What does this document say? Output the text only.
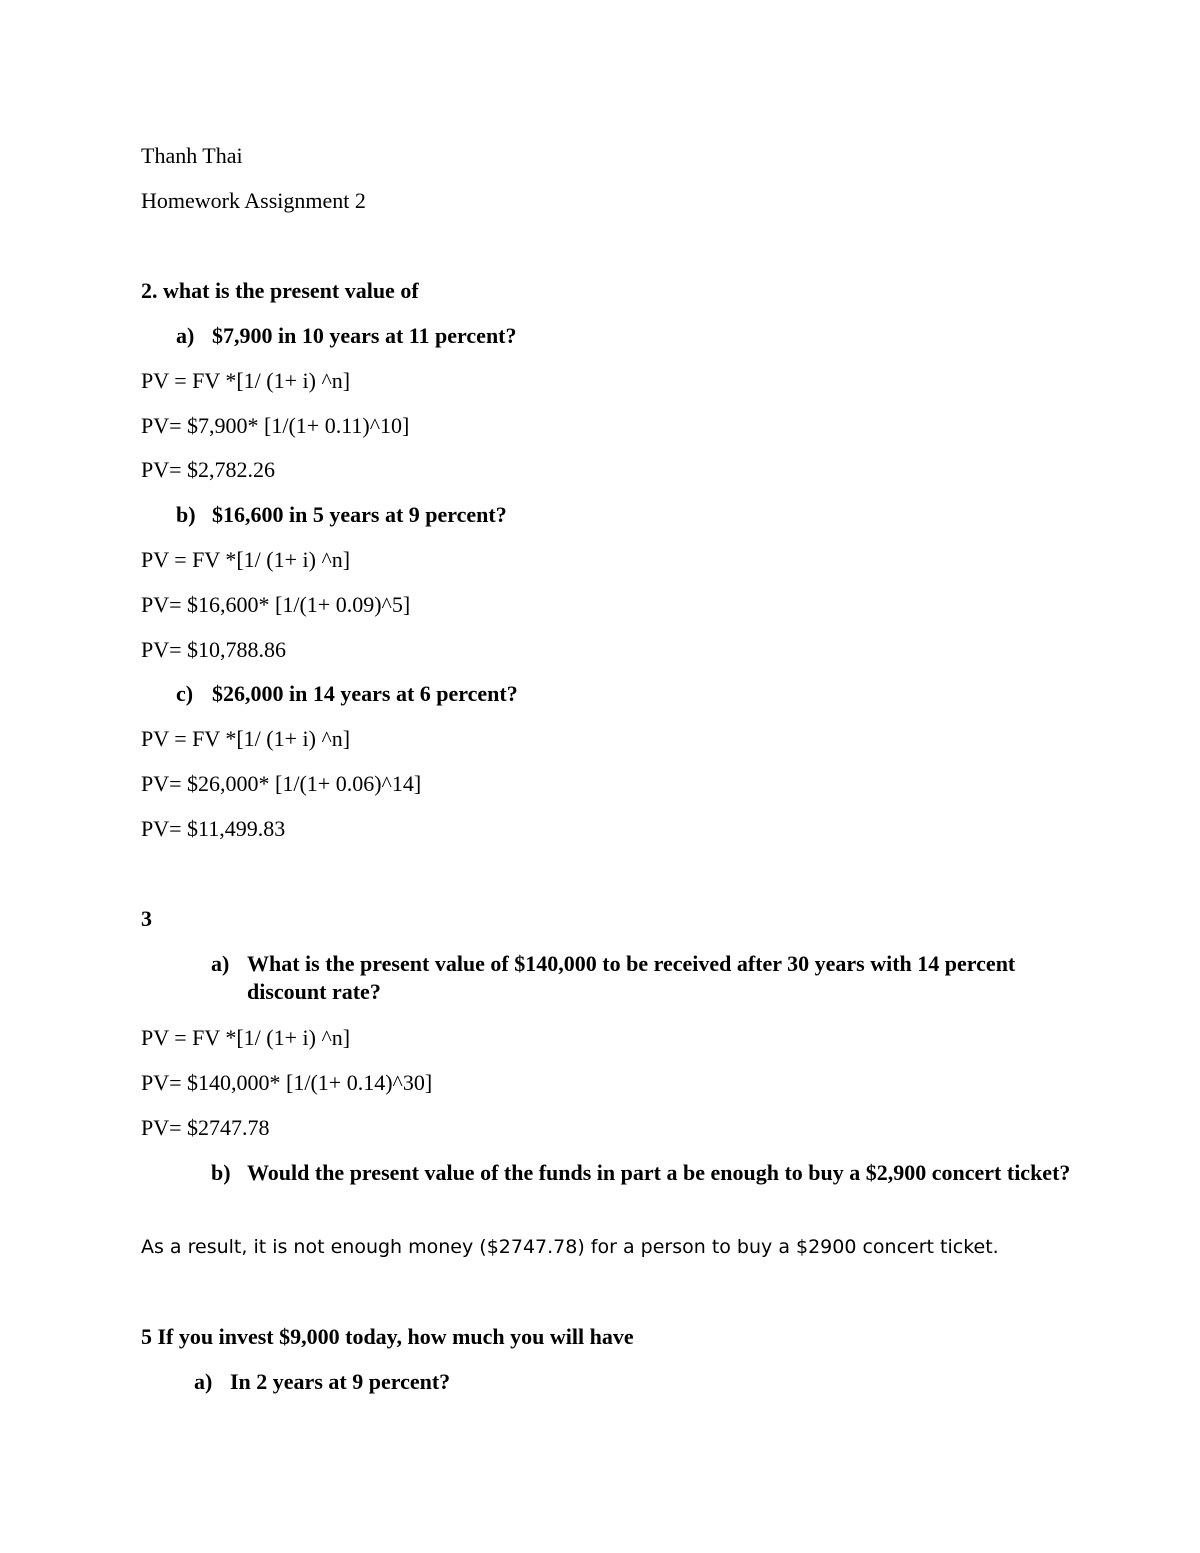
Thanh Thai
Homework Assignment 2
2. what is the present value of
a) $7,900 in 10 years at 11 percent?
PV = FV *[1/ (1+ i) ^n]
PV= $7,900* [1/(1+ 0.11)^10]
PV= $2,782.26
b) $16,600 in 5 years at 9 percent?
PV = FV *[1/ (1+ i) ^n]
PV= $16,600* [1/(1+ 0.09)^5]
PV= $10,788.86
c) $26,000 in 14 years at 6 percent?
PV = FV *[1/ (1+ i) ^n]
PV= $26,000* [1/(1+ 0.06)^14]
PV= $11,499.83
3
a) What is the present value of $140,000 to be received after 30 years with 14 percent discount rate?
PV = FV *[1/ (1+ i) ^n]
PV= $140,000* [1/(1+ 0.14)^30]
PV= $2747.78
b) Would the present value of the funds in part a be enough to buy a $2,900 concert ticket?
As a result, it is not enough money ($2747.78) for a person to buy a $2900 concert ticket.
5 If you invest $9,000 today, how much you will have
a) In 2 years at 9 percent?
